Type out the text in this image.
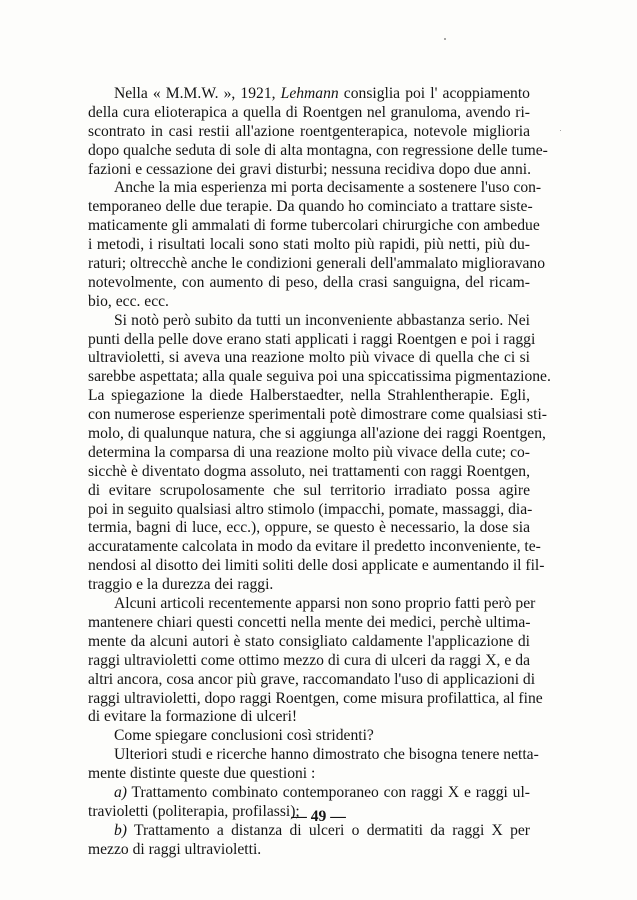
Nella « M.M.W. », 1921, Lehmann consiglia poi l' acoppiamento
della cura elioterapica a quella di Roentgen nel granuloma, avendo ri-
scontrato in casi restii all'azione roentgenterapica, notevole miglioria
dopo qualche seduta di sole di alta montagna, con regressione delle tume-
fazioni e cessazione dei gravi disturbi; nessuna recidiva dopo due anni.
Anche la mia esperienza mi porta decisamente a sostenere l'uso con-
temporaneo delle due terapie. Da quando ho cominciato a trattare siste-
maticamente gli ammalati di forme tubercolari chirurgiche con ambedue
i metodi, i risultati locali sono stati molto più rapidi, più netti, più du-
raturi; oltrecchè anche le condizioni generali dell'ammalato miglioravano
notevolmente, con aumento di peso, della crasi sanguigna, del ricam-
bio, ecc. ecc.
Si notò però subito da tutti un inconveniente abbastanza serio. Nei
punti della pelle dove erano stati applicati i raggi Roentgen e poi i raggi
ultravioletti, si aveva una reazione molto più vivace di quella che ci si
sarebbe aspettata; alla quale seguiva poi una spiccatissima pigmentazione.
La spiegazione la diede Halberstaedter, nella Strahlentherapie. Egli,
con numerose esperienze sperimentali potè dimostrare come qualsiasi sti-
molo, di qualunque natura, che si aggiunga all'azione dei raggi Roentgen,
determina la comparsa di una reazione molto più vivace della cute; co-
sicchè è diventato dogma assoluto, nei trattamenti con raggi Roentgen,
di evitare scrupolosamente che sul territorio irradiato possa agire
poi in seguito qualsiasi altro stimolo (impacchi, pomate, massaggi, dia-
termia, bagni di luce, ecc.), oppure, se questo è necessario, la dose sia
accuratamente calcolata in modo da evitare il predetto inconveniente, te-
nendosi al disotto dei limiti soliti delle dosi applicate e aumentando il fil-
traggio e la durezza dei raggi.
Alcuni articoli recentemente apparsi non sono proprio fatti però per
mantenere chiari questi concetti nella mente dei medici, perchè ultima-
mente da alcuni autori è stato consigliato caldamente l'applicazione di
raggi ultravioletti come ottimo mezzo di cura di ulceri da raggi X, e da
altri ancora, cosa ancor più grave, raccomandato l'uso di applicazioni di
raggi ultravioletti, dopo raggi Roentgen, come misura profilattica, al fine
di evitare la formazione di ulceri!
Come spiegare conclusioni così stridenti?
Ulteriori studi e ricerche hanno dimostrato che bisogna tenere netta-
mente distinte queste due questioni :
a) Trattamento combinato contemporaneo con raggi X e raggi ul-
travioletti (politerapia, profilassi);
b) Trattamento a distanza di ulceri o dermatiti da raggi X per
mezzo di raggi ultravioletti.
— 49 —
